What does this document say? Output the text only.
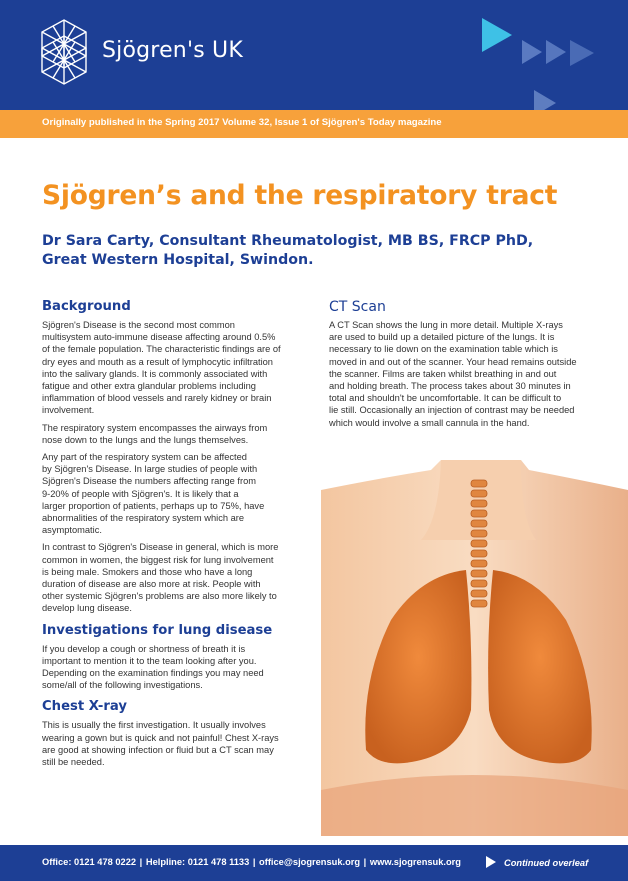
Sjögren's UK
Originally published in the Spring 2017 Volume 32, Issue 1 of Sjögren's Today magazine
Sjögren’s and the respiratory tract
Dr Sara Carty, Consultant Rheumatologist, MB BS, FRCP PhD,
Great Western Hospital, Swindon.
Background
Sjögren's Disease is the second most common
multisystem auto-immune disease affecting around 0.5%
of the female population. The characteristic findings are of
dry eyes and mouth as a result of lymphocytic infiltration
into the salivary glands. It is commonly associated with
fatigue and other extra glandular problems including
inflammation of blood vessels and rarely kidney or brain
involvement.
The respiratory system encompasses the airways from
nose down to the lungs and the lungs themselves.
Any part of the respiratory system can be affected
by Sjögren's Disease. In large studies of people with
Sjögren's Disease the numbers affecting range from
9-20% of people with Sjögren's. It is likely that a
larger proportion of patients, perhaps up to 75%, have
abnormalities of the respiratory system which are
asymptomatic.
In contrast to Sjögren's Disease in general, which is more
common in women, the biggest risk for lung involvement
is being male. Smokers and those who have a long
duration of disease are also more at risk. People with
other systemic Sjögren's problems are also more likely to
develop lung disease.
Investigations for lung disease
If you develop a cough or shortness of breath it is
important to mention it to the team looking after you.
Depending on the examination findings you may need
some/all of the following investigations.
Chest X-ray
This is usually the first investigation. It usually involves
wearing a gown but is quick and not painful! Chest X-rays
are good at showing infection or fluid but a CT scan may
still be needed.
CT Scan
A CT Scan shows the lung in more detail. Multiple X-rays
are used to build up a detailed picture of the lungs. It is
necessary to lie down on the examination table which is
moved in and out of the scanner. Your head remains outside
the scanner. Films are taken whilst breathing in and out
and holding breath. The process takes about 30 minutes in
total and shouldn't be uncomfortable. It can be difficult to
lie still. Occasionally an injection of contrast may be needed
which would involve a small cannula in the hand.
Office: 0121 478 0222 | Helpline: 0121 478 1133 | office@sjogrensuk.org | www.sjogrensuk.org	Continued overleaf
